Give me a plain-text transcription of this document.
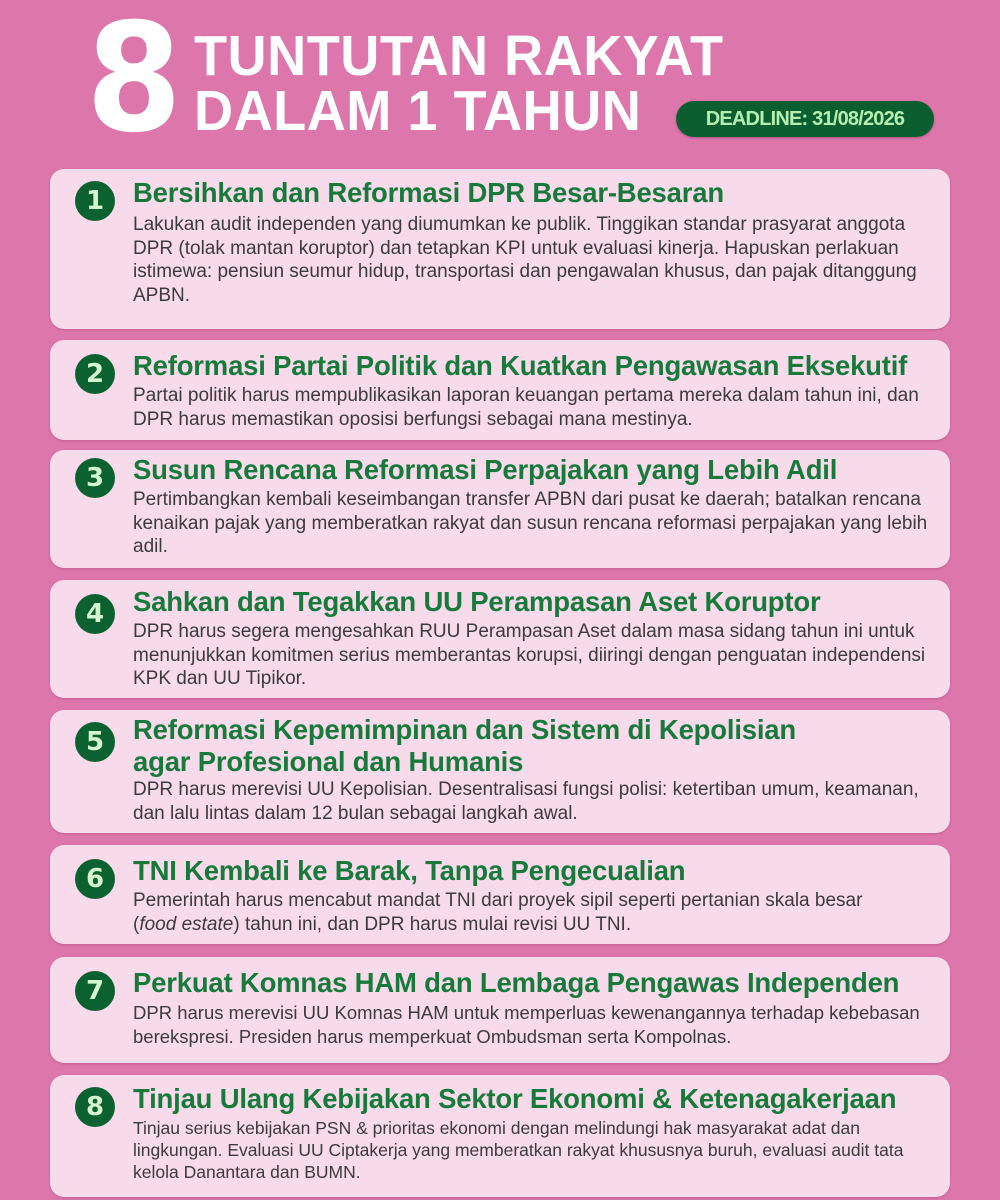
8 TUNTUTAN RAKYAT
DALAM 1 TAHUN	DEADLINE: 31/08/2026
1	Bersihkan dan Reformasi DPR Besar-Besaran
Lakukan audit independen yang diumumkan ke publik. Tinggikan standar prasyarat anggota DPR (tolak mantan koruptor) dan tetapkan KPI untuk evaluasi kinerja. Hapuskan perlakuan istimewa: pensiun seumur hidup, transportasi dan pengawalan khusus, dan pajak ditanggung APBN.
2	Reformasi Partai Politik dan Kuatkan Pengawasan Eksekutif
Partai politik harus mempublikasikan laporan keuangan pertama mereka dalam tahun ini, dan DPR harus memastikan oposisi berfungsi sebagai mana mestinya.
3	Susun Rencana Reformasi Perpajakan yang Lebih Adil
Pertimbangkan kembali keseimbangan transfer APBN dari pusat ke daerah; batalkan rencana kenaikan pajak yang memberatkan rakyat dan susun rencana reformasi perpajakan yang lebih adil.
4	Sahkan dan Tegakkan UU Perampasan Aset Koruptor
DPR harus segera mengesahkan RUU Perampasan Aset dalam masa sidang tahun ini untuk menunjukkan komitmen serius memberantas korupsi, diiringi dengan penguatan independensi KPK dan UU Tipikor.
5	Reformasi Kepemimpinan dan Sistem di Kepolisian agar Profesional dan Humanis
DPR harus merevisi UU Kepolisian. Desentralisasi fungsi polisi: ketertiban umum, keamanan, dan lalu lintas dalam 12 bulan sebagai langkah awal.
6	TNI Kembali ke Barak, Tanpa Pengecualian
Pemerintah harus mencabut mandat TNI dari proyek sipil seperti pertanian skala besar (food estate) tahun ini, dan DPR harus mulai revisi UU TNI.
7	Perkuat Komnas HAM dan Lembaga Pengawas Independen
DPR harus merevisi UU Komnas HAM untuk memperluas kewenangannya terhadap kebebasan berekspresi. Presiden harus memperkuat Ombudsman serta Kompolnas.
8	Tinjau Ulang Kebijakan Sektor Ekonomi & Ketenagakerjaan
Tinjau serius kebijakan PSN & prioritas ekonomi dengan melindungi hak masyarakat adat dan lingkungan. Evaluasi UU Ciptakerja yang memberatkan rakyat khususnya buruh, evaluasi audit tata kelola Danantara dan BUMN.
